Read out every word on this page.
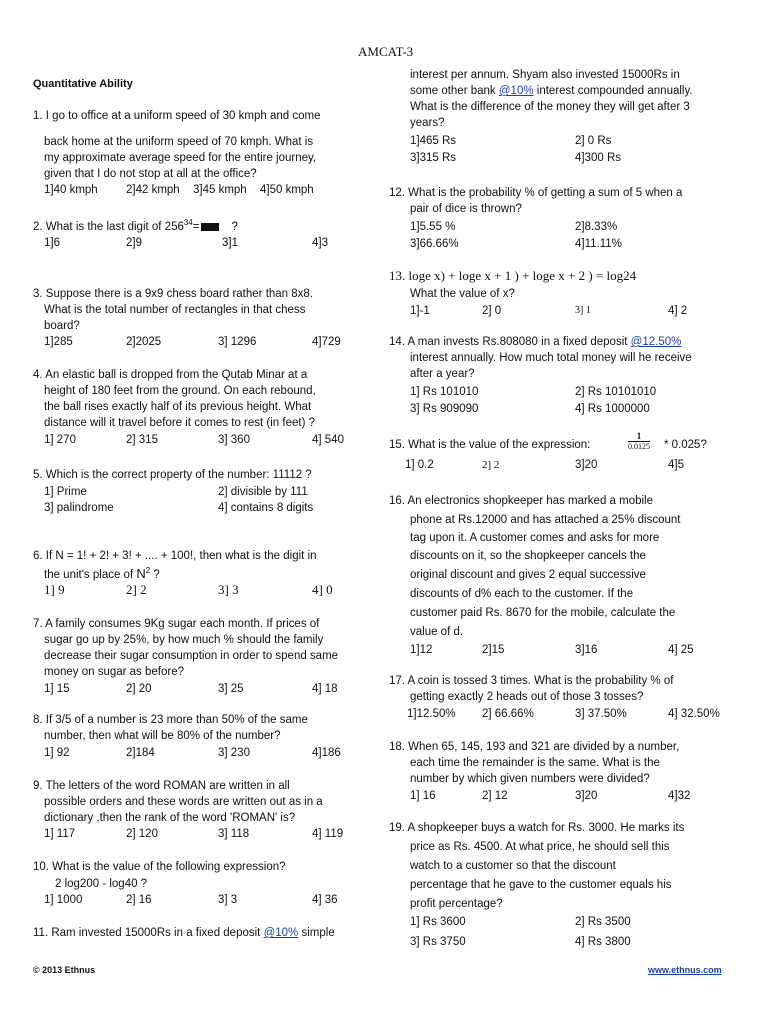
AMCAT-3
Quantitative Ability
1. I go to office at a uniform speed of 30 kmph and come
back home at the uniform speed of 70 kmph. What is
my approximate average speed for the entire journey,
given that I do not stop at all at the office?
1]40 kmph 2]42 kmph 3]45 kmph 4]50 kmph
2. What is the last digit of $256^{34}=$	?
1]6	2]9	3]1	4]3
3. Suppose there is a 9x9 chess board rather than 8x8.
What is the total number of rectangles in that chess
board?
1]285	2]2025	3] 1296	4]729
4. An elastic ball is dropped from the Qutab Minar at a
height of 180 feet from the ground. On each rebound,
the ball rises exactly half of its previous height. What
distance will it travel before it comes to rest (in feet) ?
1] 270	2] 315	3] 360	4] 540
5. Which is the correct property of the number: 11112 ?
1] Prime	2] divisible by 111
3] palindrome	4] contains 8 digits
6. If N = 1! + 2! + 3! + .... + 100!, then what is the digit in
the unit's place of $N^2$ ?
1] 9	2] 2	3] 3	4] 0
7. A family consumes 9Kg sugar each month. If prices of
sugar go up by 25%, by how much % should the family
decrease their sugar consumption in order to spend same
money on sugar as before?
1] 15	2] 20	3] 25	4] 18
8. If 3/5 of a number is 23 more than 50% of the same
number, then what will be 80% of the number?
1] 92	2]184	3] 230	4]186
9. The letters of the word ROMAN are written in all
possible orders and these words are written out as in a
dictionary ,then the rank of the word 'ROMAN' is?
1] 117	2] 120	3] 118	4] 119
10. What is the value of the following expression?
2 log200 - log40 ?
1] 1000	2] 16	3] 3	4] 36
11. Ram invested 15000Rs in a fixed deposit @10% simple
interest per annum. Shyam also invested 15000Rs in
some other bank @10% interest compounded annually.
What is the difference of the money they will get after 3
years?
1]465 Rs	2] 0 Rs
3]315 Rs	4]300 Rs
12. What is the probability % of getting a sum of 5 when a
pair of dice is thrown?
1]5.55 %	2]8.33%
3]66.66%	4]11.11%
13. loge x) + loge x + 1 ) + loge x + 2 ) = log24
What the value of x?
1]-1	2] 0	3] 1	4] 2
14. A man invests Rs.808080 in a fixed deposit @12.50%
interest annually. How much total money will he receive
after a year?
1] Rs 101010	2] Rs 10101010
3] Rs 909090	4] Rs 1000000
15. What is the value of the expression:
1
0.0125 * 0.025?
1] 0.2	2] 2	3]20	4]5
16. An electronics shopkeeper has marked a mobile
phone at Rs.12000 and has attached a 25% discount
tag upon it. A customer comes and asks for more
discounts on it, so the shopkeeper cancels the
original discount and gives 2 equal successive
discounts of d% each to the customer. If the
customer paid Rs. 8670 for the mobile, calculate the
value of d.
1]12	2]15	3]16	4] 25
17. A coin is tossed 3 times. What is the probability % of
getting exactly 2 heads out of those 3 tosses?
1]12.50% 2] 66.66%	3] 37.50%	4] 32.50%
18. When 65, 145, 193 and 321 are divided by a number,
each time the remainder is the same. What is the
number by which given numbers were divided?
1] 16	2] 12	3]20	4]32
19. A shopkeeper buys a watch for Rs. 3000. He marks its
price as Rs. 4500. At what price, he should sell this
watch to a customer so that the discount
percentage that he gave to the customer equals his
profit percentage?
1] Rs 3600	2] Rs 3500
3] Rs 3750	4] Rs 3800
© 2013 Ethnus	www.ethnus.com
